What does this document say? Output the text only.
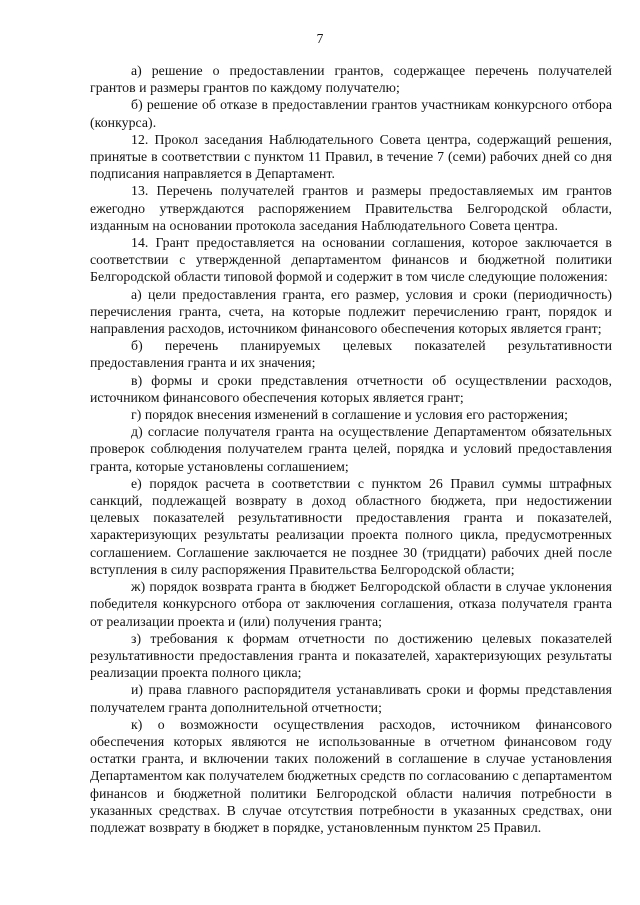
7

а) решение о предоставлении грантов, содержащее перечень получателей грантов и размеры грантов по каждому получателю;

б) решение об отказе в предоставлении грантов участникам конкурсного отбора (конкурса).

12. Прокол заседания Наблюдательного Совета центра, содержащий решения, принятые в соответствии с пунктом 11 Правил, в течение 7 (семи) рабочих дней со дня подписания направляется в Департамент.

13. Перечень получателей грантов и размеры предоставляемых им грантов ежегодно утверждаются распоряжением Правительства Белгородской области, изданным на основании протокола заседания Наблюдательного Совета центра.

14. Грант предоставляется на основании соглашения, которое заключается в соответствии с утвержденной департаментом финансов и бюджетной политики Белгородской области типовой формой и содержит в том числе следующие положения:

а) цели предоставления гранта, его размер, условия и сроки (периодичность) перечисления гранта, счета, на которые подлежит перечислению грант, порядок и направления расходов, источником финансового обеспечения которых является грант;

б) перечень планируемых целевых показателей результативности предоставления гранта и их значения;

в) формы и сроки представления отчетности об осуществлении расходов, источником финансового обеспечения которых является грант;

г) порядок внесения изменений в соглашение и условия его расторжения;

д) согласие получателя гранта на осуществление Департаментом обязательных проверок соблюдения получателем гранта целей, порядка и условий предоставления гранта, которые установлены соглашением;

е) порядок расчета в соответствии с пунктом 26 Правил суммы штрафных санкций, подлежащей возврату в доход областного бюджета, при недостижении целевых показателей результативности предоставления гранта и показателей, характеризующих результаты реализации проекта полного цикла, предусмотренных соглашением. Соглашение заключается не позднее 30 (тридцати) рабочих дней после вступления в силу распоряжения Правительства Белгородской области;

ж) порядок возврата гранта в бюджет Белгородской области в случае уклонения победителя конкурсного отбора от заключения соглашения, отказа получателя гранта от реализации проекта и (или) получения гранта;

з) требования к формам отчетности по достижению целевых показателей результативности предоставления гранта и показателей, характеризующих результаты реализации проекта полного цикла;

и) права главного распорядителя устанавливать сроки и формы представления получателем гранта дополнительной отчетности;

к) о возможности осуществления расходов, источником финансового обеспечения которых являются не использованные в отчетном финансовом году остатки гранта, и включении таких положений в соглашение в случае установления Департаментом как получателем бюджетных средств по согласованию с департаментом финансов и бюджетной политики Белгородской области наличия потребности в указанных средствах. В случае отсутствия потребности в указанных средствах, они подлежат возврату в бюджет в порядке, установленным пунктом 25 Правил.
